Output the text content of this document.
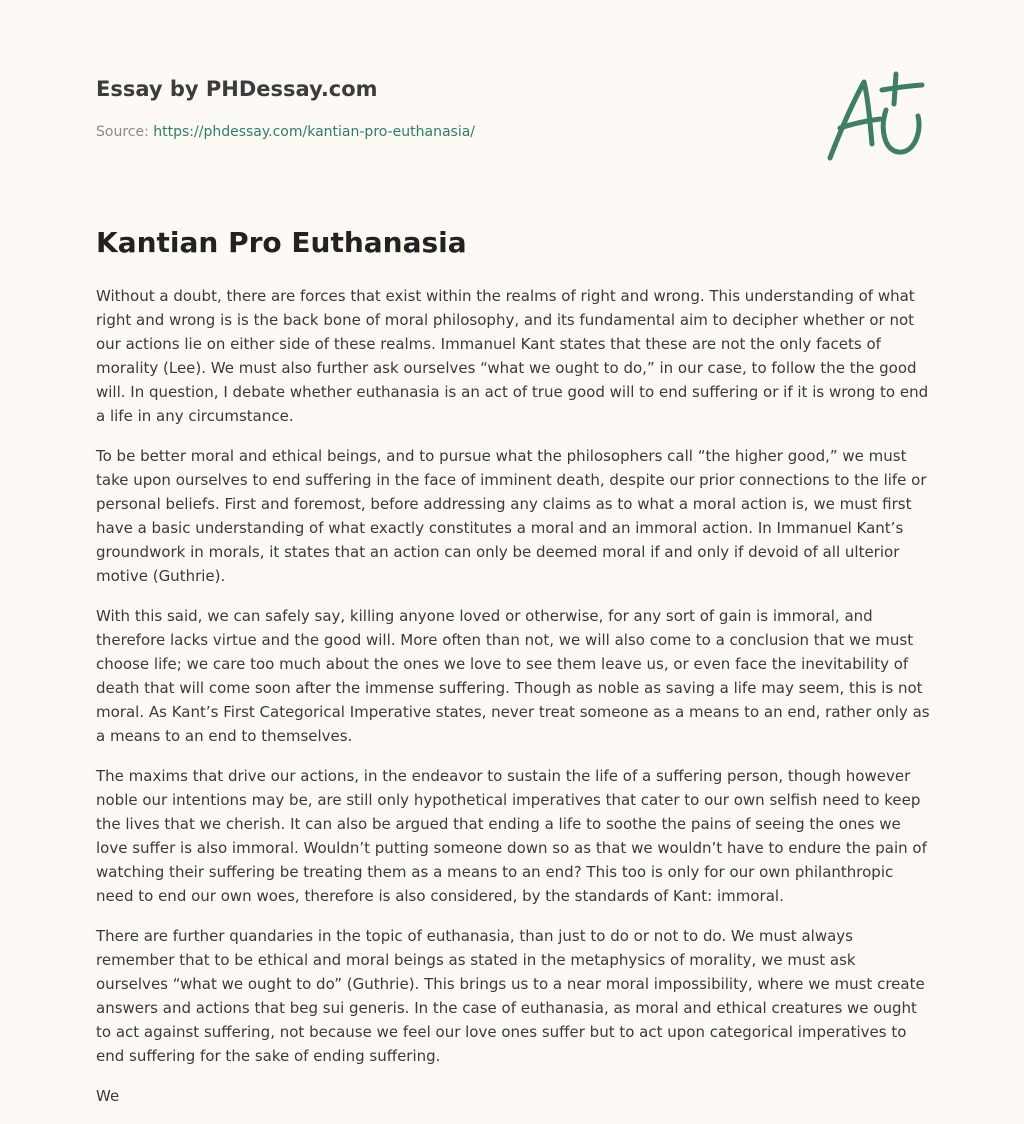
Essay by PHDessay.com
Source: https://phdessay.com/kantian-pro-euthanasia/
Kantian Pro Euthanasia

Without a doubt, there are forces that exist within the realms of right and wrong. This understanding of what right and wrong is is the back bone of moral philosophy, and its fundamental aim to decipher whether or not our actions lie on either side of these realms. Immanuel Kant states that these are not the only facets of morality (Lee). We must also further ask ourselves “what we ought to do,” in our case, to follow the the good will. In question, I debate whether euthanasia is an act of true good will to end suffering or if it is wrong to end a life in any circumstance.

To be better moral and ethical beings, and to pursue what the philosophers call “the higher good,” we must take upon ourselves to end suffering in the face of imminent death, despite our prior connections to the life or personal beliefs. First and foremost, before addressing any claims as to what a moral action is, we must first have a basic understanding of what exactly constitutes a moral and an immoral action. In Immanuel Kant’s groundwork in morals, it states that an action can only be deemed moral if and only if devoid of all ulterior motive (Guthrie).

With this said, we can safely say, killing anyone loved or otherwise, for any sort of gain is immoral, and therefore lacks virtue and the good will. More often than not, we will also come to a conclusion that we must choose life; we care too much about the ones we love to see them leave us, or even face the inevitability of death that will come soon after the immense suffering. Though as noble as saving a life may seem, this is not moral. As Kant’s First Categorical Imperative states, never treat someone as a means to an end, rather only as a means to an end to themselves.

The maxims that drive our actions, in the endeavor to sustain the life of a suffering person, though however noble our intentions may be, are still only hypothetical imperatives that cater to our own selfish need to keep the lives that we cherish. It can also be argued that ending a life to soothe the pains of seeing the ones we love suffer is also immoral. Wouldn’t putting someone down so as that we wouldn’t have to endure the pain of watching their suffering be treating them as a means to an end? This too is only for our own philanthropic need to end our own woes, therefore is also considered, by the standards of Kant: immoral.

There are further quandaries in the topic of euthanasia, than just to do or not to do. We must always remember that to be ethical and moral beings as stated in the metaphysics of morality, we must ask ourselves “what we ought to do” (Guthrie). This brings us to a near moral impossibility, where we must create answers and actions that beg sui generis. In the case of euthanasia, as moral and ethical creatures we ought to act against suffering, not because we feel our love ones suffer but to act upon categorical imperatives to end suffering for the sake of ending suffering.

We
